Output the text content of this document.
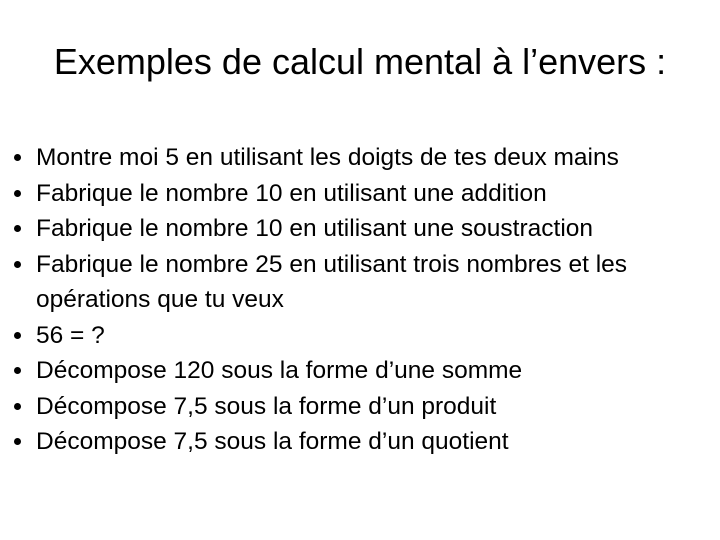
Exemples de calcul mental à l’envers :
Montre moi 5 en utilisant les doigts de tes deux mains
Fabrique le nombre 10 en utilisant une addition
Fabrique le nombre 10 en utilisant une soustraction
Fabrique le nombre 25 en utilisant trois nombres et les opérations que tu veux
56 = ?
Décompose 120 sous la forme d’une somme
Décompose 7,5 sous la forme d’un produit
Décompose 7,5 sous la forme d’un quotient
